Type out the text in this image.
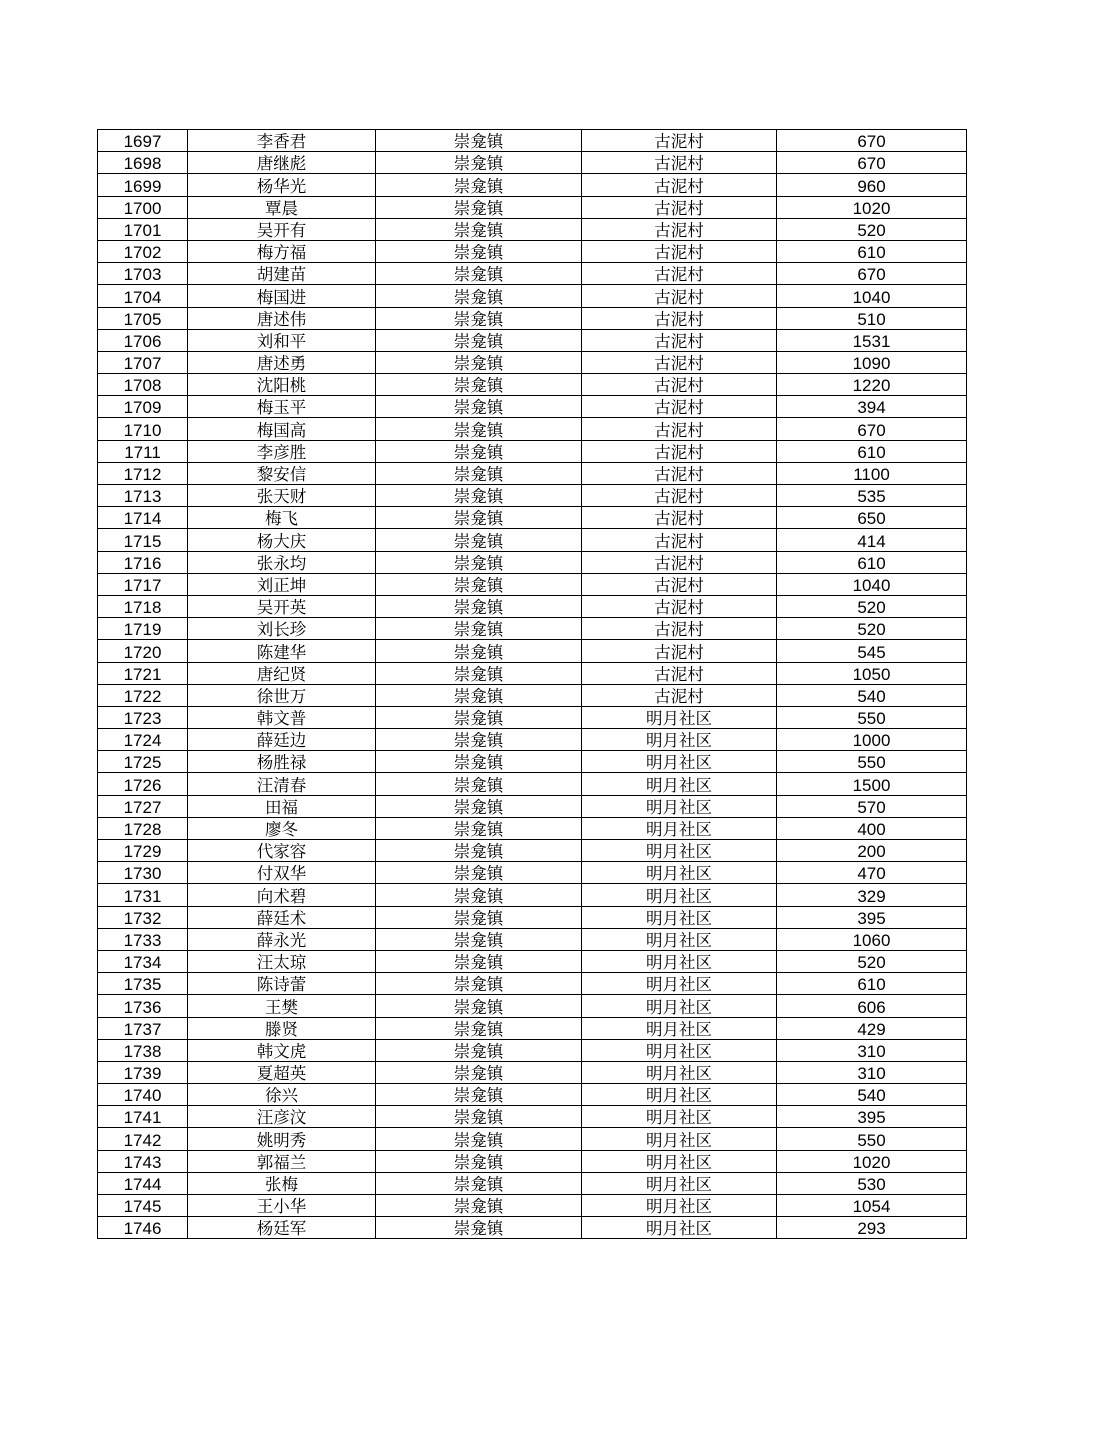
1697	李香君	崇龛镇	古泥村	670
1698	唐继彪	崇龛镇	古泥村	670
1699	杨华光	崇龛镇	古泥村	960
1700	覃晨	崇龛镇	古泥村	1020
1701	吴开有	崇龛镇	古泥村	520
1702	梅方福	崇龛镇	古泥村	610
1703	胡建苗	崇龛镇	古泥村	670
1704	梅国进	崇龛镇	古泥村	1040
1705	唐述伟	崇龛镇	古泥村	510
1706	刘和平	崇龛镇	古泥村	1531
1707	唐述勇	崇龛镇	古泥村	1090
1708	沈阳桃	崇龛镇	古泥村	1220
1709	梅玉平	崇龛镇	古泥村	394
1710	梅国高	崇龛镇	古泥村	670
1711	李彦胜	崇龛镇	古泥村	610
1712	黎安信	崇龛镇	古泥村	1100
1713	张天财	崇龛镇	古泥村	535
1714	梅飞	崇龛镇	古泥村	650
1715	杨大庆	崇龛镇	古泥村	414
1716	张永均	崇龛镇	古泥村	610
1717	刘正坤	崇龛镇	古泥村	1040
1718	吴开英	崇龛镇	古泥村	520
1719	刘长珍	崇龛镇	古泥村	520
1720	陈建华	崇龛镇	古泥村	545
1721	唐纪贤	崇龛镇	古泥村	1050
1722	徐世万	崇龛镇	古泥村	540
1723	韩文普	崇龛镇	明月社区	550
1724	薛廷边	崇龛镇	明月社区	1000
1725	杨胜禄	崇龛镇	明月社区	550
1726	汪清春	崇龛镇	明月社区	1500
1727	田福	崇龛镇	明月社区	570
1728	廖冬	崇龛镇	明月社区	400
1729	代家容	崇龛镇	明月社区	200
1730	付双华	崇龛镇	明月社区	470
1731	向术碧	崇龛镇	明月社区	329
1732	薛廷术	崇龛镇	明月社区	395
1733	薛永光	崇龛镇	明月社区	1060
1734	汪太琼	崇龛镇	明月社区	520
1735	陈诗蕾	崇龛镇	明月社区	610
1736	王樊	崇龛镇	明月社区	606
1737	滕贤	崇龛镇	明月社区	429
1738	韩文虎	崇龛镇	明月社区	310
1739	夏超英	崇龛镇	明月社区	310
1740	徐兴	崇龛镇	明月社区	540
1741	汪彦汶	崇龛镇	明月社区	395
1742	姚明秀	崇龛镇	明月社区	550
1743	郭福兰	崇龛镇	明月社区	1020
1744	张梅	崇龛镇	明月社区	530
1745	王小华	崇龛镇	明月社区	1054
1746	杨廷军	崇龛镇	明月社区	293
